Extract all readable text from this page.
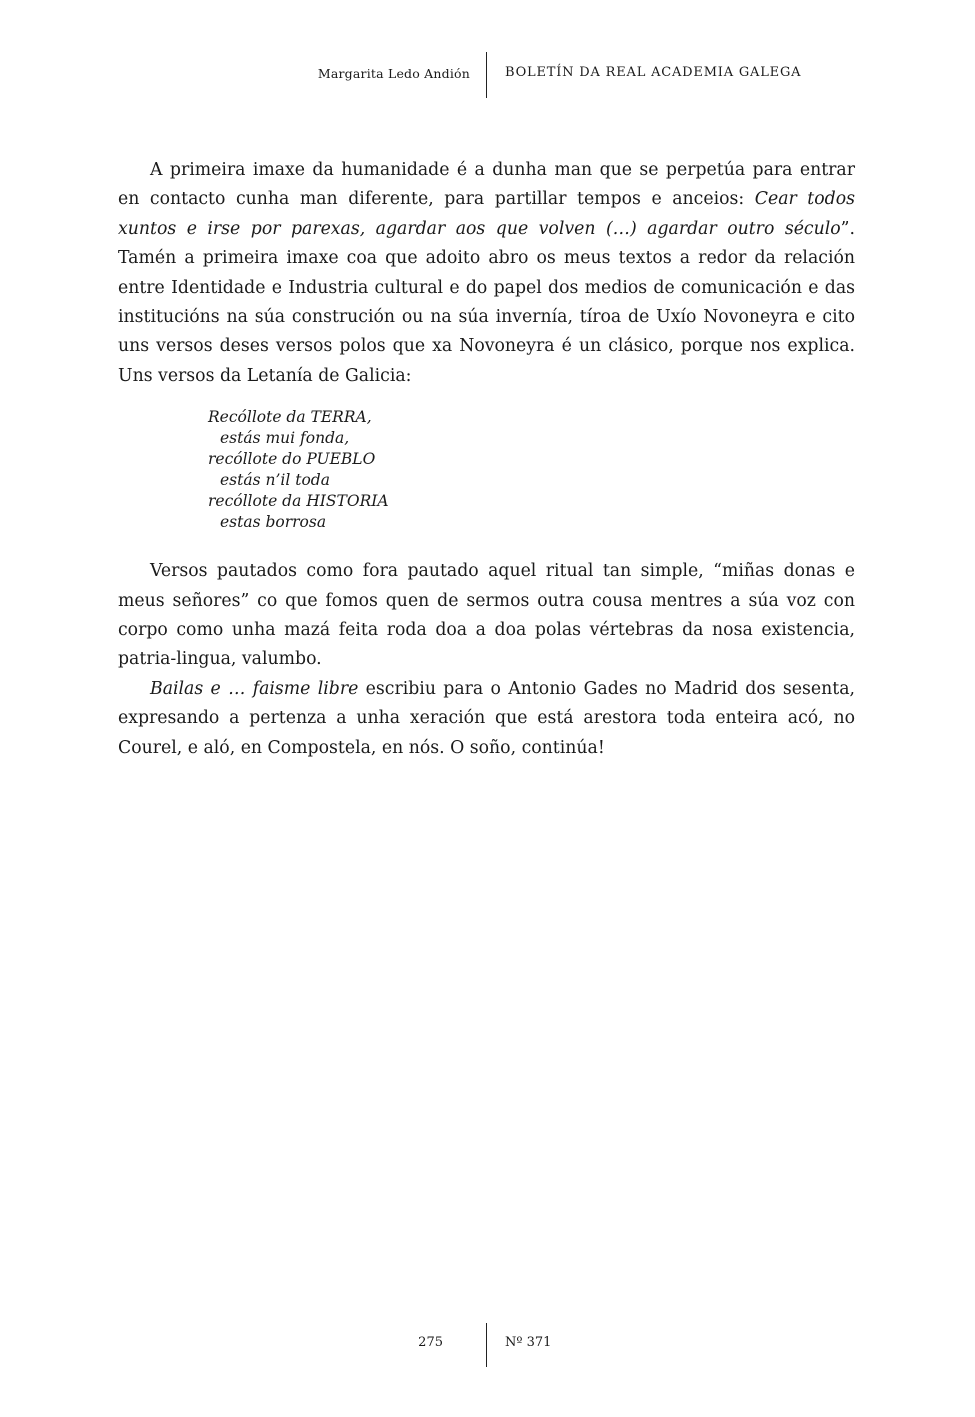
Margarita Ledo Andión	BOLETÍN DA REAL ACADEMIA GALEGA

A primeira imaxe da humanidade é a dunha man que se perpetúa para entrar en contacto cunha man diferente, para partillar tempos e anceios: Cear todos xuntos e irse por parexas, agardar aos que volven (…) agardar outro século”. Tamén a primeira imaxe coa que adoito abro os meus textos a redor da relación entre Identidade e Industria cultural e do papel dos medios de comunicación e das institucións na súa construción ou na súa invernía, tíroa de Uxío Novoneyra e cito uns versos deses versos polos que xa Novoneyra é un clásico, porque nos explica. Uns versos da Letanía de Galicia:

Recóllote da TERRA,
estás mui fonda,
recóllote do PUEBLO
estás n’il toda
recóllote da HISTORIA
estas borrosa

Versos pautados como fora pautado aquel ritual tan simple, “miñas donas e meus señores” co que fomos quen de sermos outra cousa mentres a súa voz con corpo como unha mazá feita roda doa a doa polas vértebras da nosa existencia, patria-lingua, valumbo.

Bailas e … faisme libre escribiu para o Antonio Gades no Madrid dos sesenta, expresando a pertenza a unha xeración que está arestora toda enteira acó, no Courel, e aló, en Compostela, en nós. O soño, continúa!

275	Nº 371
